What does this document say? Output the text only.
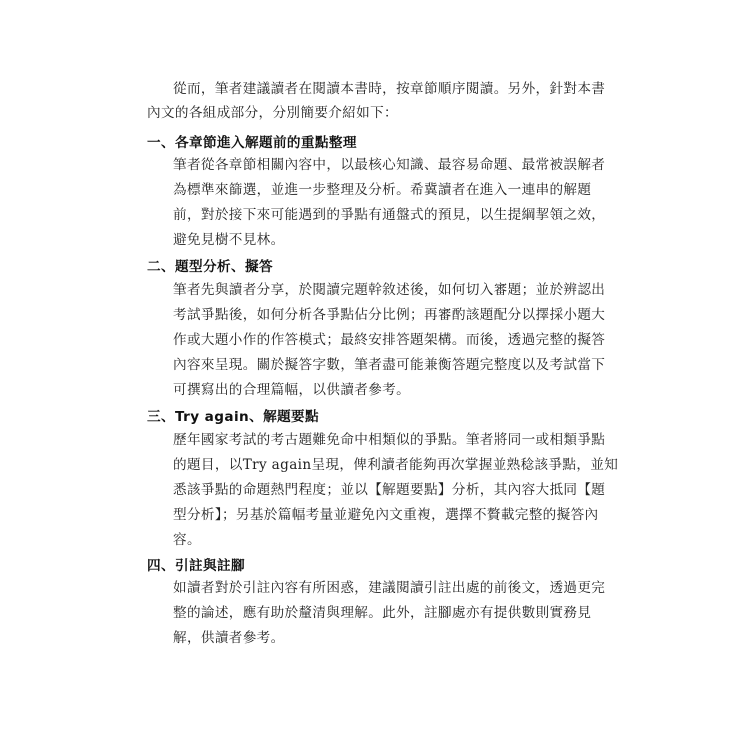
從而，筆者建議讀者在閱讀本書時，按章節順序閱讀。另外，針對本書
內文的各組成部分，分別簡要介紹如下：
一、各章節進入解題前的重點整理
筆者從各章節相關內容中，以最核心知識、最容易命題、最常被誤解者
為標準來篩選，並進一步整理及分析。希冀讀者在進入一連串的解題
前，對於接下來可能遇到的爭點有通盤式的預見，以生提綱挈領之效，
避免見樹不見林。
二、題型分析、擬答
筆者先與讀者分享，於閱讀完題幹敘述後，如何切入審題；並於辨認出
考試爭點後，如何分析各爭點佔分比例；再審酌該題配分以擇採小題大
作或大題小作的作答模式；最終安排答題架構。而後，透過完整的擬答
內容來呈現。關於擬答字數，筆者盡可能兼衡答題完整度以及考試當下
可撰寫出的合理篇幅，以供讀者參考。
三、Try again、解題要點
歷年國家考試的考古題難免命中相類似的爭點。筆者將同一或相類爭點
的題目，以Try again呈現，俾利讀者能夠再次掌握並熟稔該爭點，並知
悉該爭點的命題熱門程度；並以【解題要點】分析，其內容大抵同【題
型分析】；另基於篇幅考量並避免內文重複，選擇不贅載完整的擬答內
容。
四、引註與註腳
如讀者對於引註內容有所困惑，建議閱讀引註出處的前後文，透過更完
整的論述，應有助於釐清與理解。此外，註腳處亦有提供數則實務見
解，供讀者參考。
